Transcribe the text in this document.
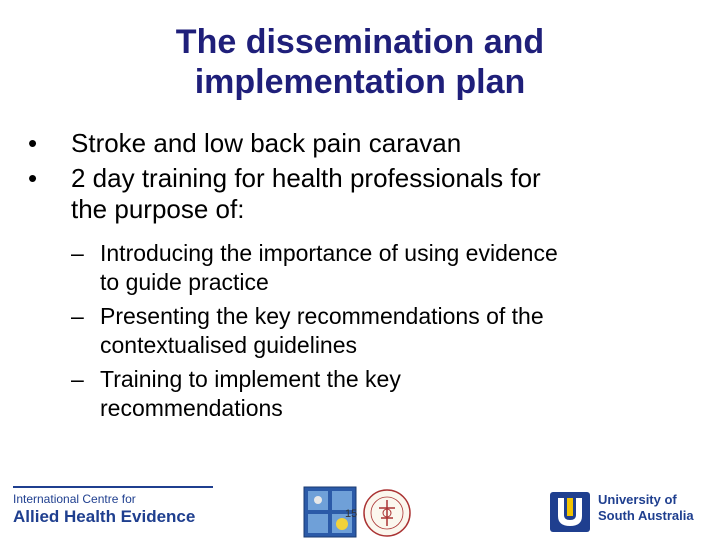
The dissemination and
implementation plan
• Stroke and low back pain caravan
• 2 day training for health professionals for
the purpose of:
– Introducing the importance of using evidence
to guide practice
– Presenting the key recommendations of the
contextualised guidelines
– Training to implement the key
recommendations
International Centre for
Allied Health Evidence	15
University of
South Australia
